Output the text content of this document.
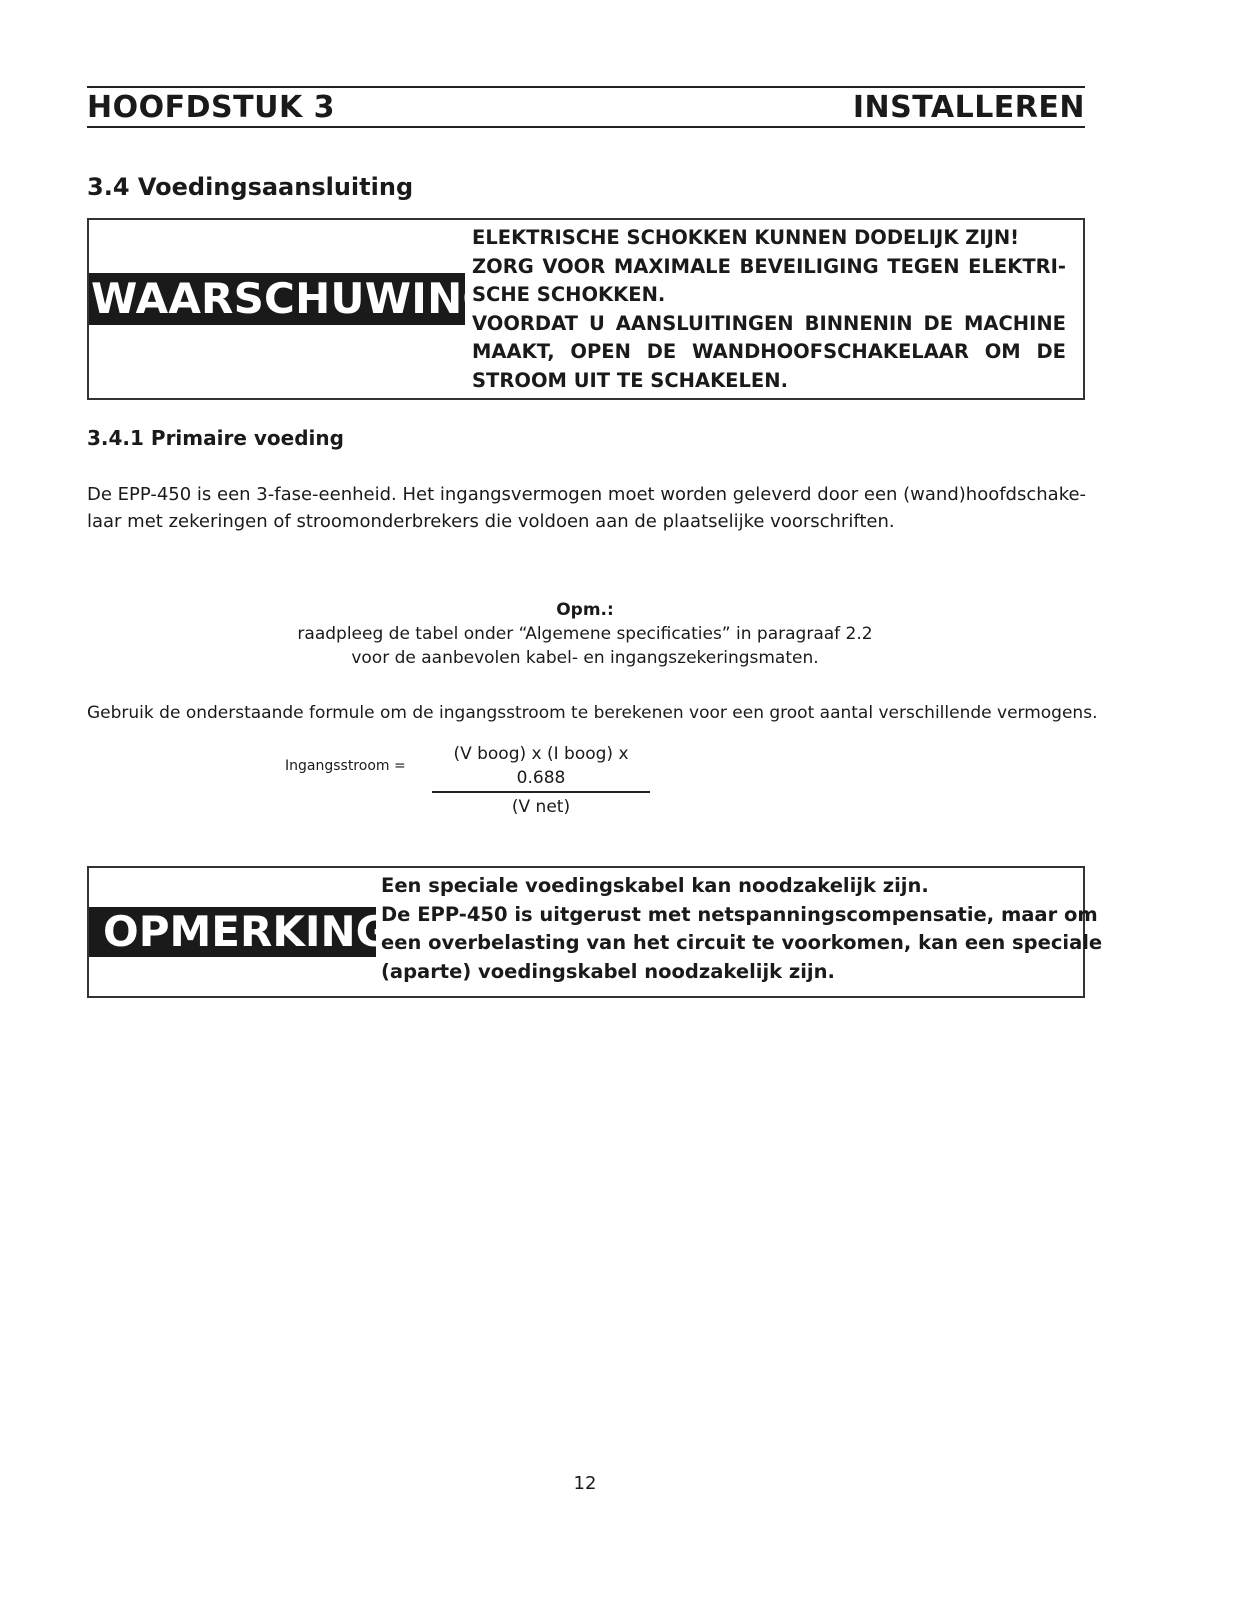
HOOFDSTUK 3	INSTALLEREN
3.4 Voedingsaansluiting
WAARSCHUWING
ELEKTRISCHE SCHOKKEN KUNNEN DODELIJK ZIJN!
ZORG VOOR MAXIMALE BEVEILIGING TEGEN ELEKTRI-
SCHE SCHOKKEN.
VOORDAT U AANSLUITINGEN BINNENIN DE MACHINE
MAAKT, OPEN DE WANDHOOFSCHAKELAAR OM DE
STROOM UIT TE SCHAKELEN.
3.4.1 Primaire voeding
De EPP-450 is een 3-fase-eenheid. Het ingangsvermogen moet worden geleverd door een (wand)hoofdschake-
laar met zekeringen of stroomonderbrekers die voldoen aan de plaatselijke voorschriften.
Opm.:
raadpleeg de tabel onder “Algemene specificaties” in paragraaf 2.2
voor de aanbevolen kabel- en ingangszekeringsmaten.
Gebruik de onderstaande formule om de ingangsstroom te berekenen voor een groot aantal verschillende vermogens.
Ingangsstroom =
(V boog) x (I boog) x 0.688
(V net)
OPMERKING
Een speciale voedingskabel kan noodzakelijk zijn.
De EPP-450 is uitgerust met netspanningscompensatie, maar om
een overbelasting van het circuit te voorkomen, kan een speciale
(aparte) voedingskabel noodzakelijk zijn.
12
